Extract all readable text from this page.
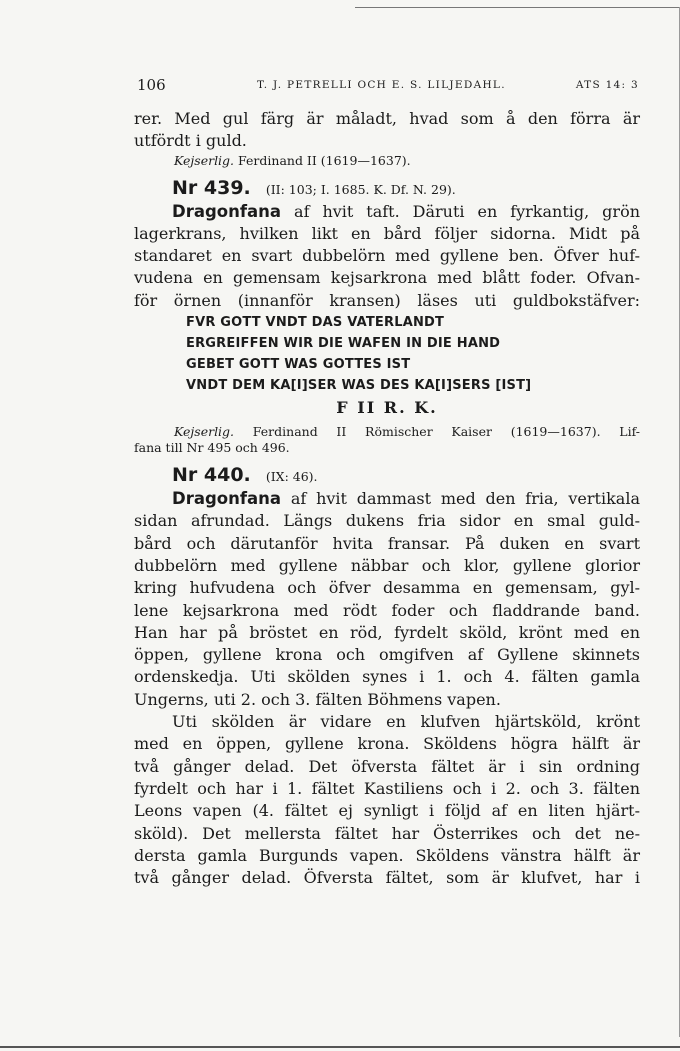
106	T. J. PETRELLI OCH E. S. LILJEDAHL.	ATS 14: 3
rer. Med gul färg är måladt, hvad som å den förra är
utfördt i guld.
Kejserlig. Ferdinand II (1619—1637).
Nr 439. (II: 103; I. 1685. K. Df. N. 29).
Dragonfana af hvit taft. Däruti en fyrkantig, grön
lagerkrans, hvilken likt en bård följer sidorna. Midt på
standaret en svart dubbelörn med gyllene ben. Öfver huf-
vudena en gemensam kejsarkrona med blått foder. Ofvan-
för örnen (innanför kransen) läses uti guldbokstäfver:
FVR GOTT VNDT DAS VATERLANDT
ERGREIFFEN WIR DIE WAFEN IN DIE HAND
GEBET GOTT WAS GOTTES IST
VNDT DEM KA[I]SER WAS DES KA[I]SERS [IST]
F II R. K.
Kejserlig. Ferdinand II Römischer Kaiser (1619—1637). Lif-
fana till Nr 495 och 496.
Nr 440. (IX: 46).
Dragonfana af hvit dammast med den fria, vertikala
sidan afrundad. Längs dukens fria sidor en smal guld-
bård och därutanför hvita fransar. På duken en svart
dubbelörn med gyllene näbbar och klor, gyllene glorior
kring hufvudena och öfver desamma en gemensam, gyl-
lene kejsarkrona med rödt foder och fladdrande band.
Han har på bröstet en röd, fyrdelt sköld, krönt med en
öppen, gyllene krona och omgifven af Gyllene skinnets
ordenskedja. Uti skölden synes i 1. och 4. fälten gamla
Ungerns, uti 2. och 3. fälten Böhmens vapen.
Uti skölden är vidare en klufven hjärtsköld, krönt
med en öppen, gyllene krona. Sköldens högra hälft är
två gånger delad. Det öfversta fältet är i sin ordning
fyrdelt och har i 1. fältet Kastiliens och i 2. och 3. fälten
Leons vapen (4. fältet ej synligt i följd af en liten hjärt-
sköld). Det mellersta fältet har Österrikes och det ne-
dersta gamla Burgunds vapen. Sköldens vänstra hälft är
två gånger delad. Öfversta fältet, som är klufvet, har i
